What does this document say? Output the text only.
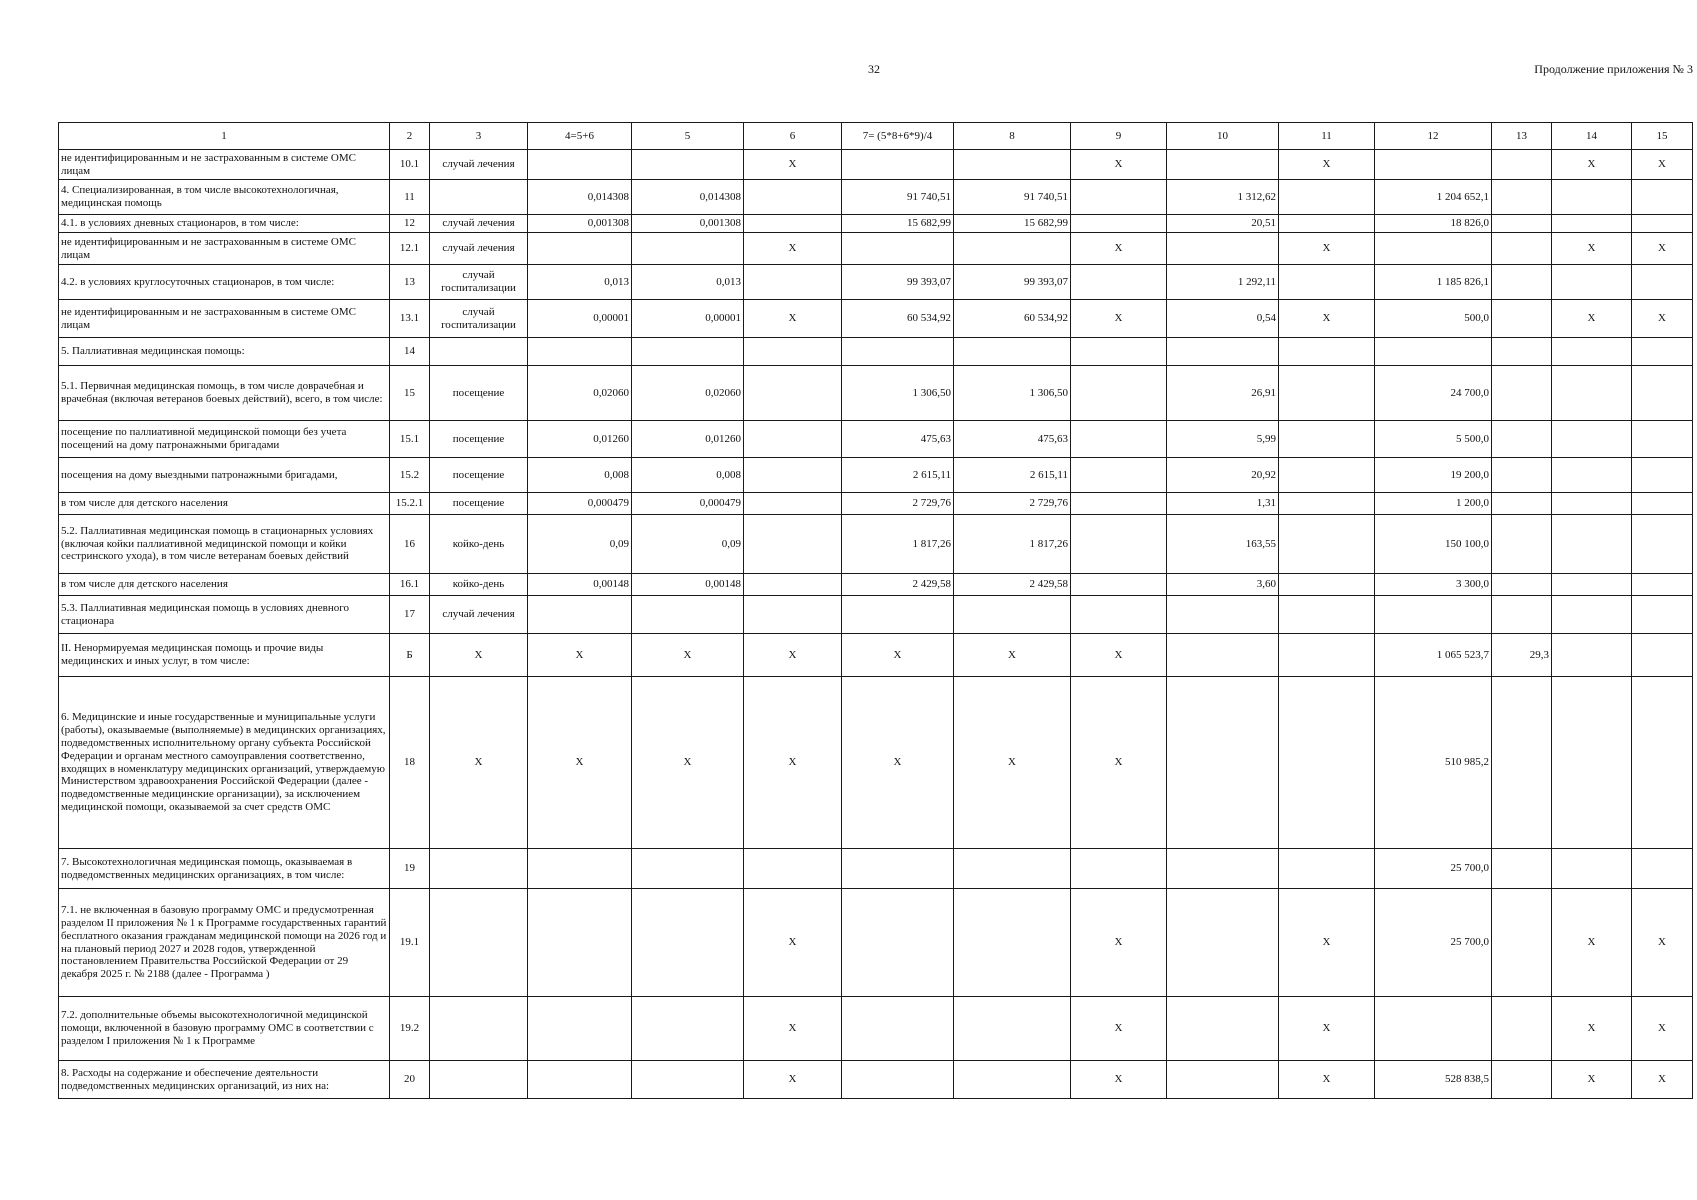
32	Продолжение приложения № 3
1	2	3	4=5+6	5	6	7= (5*8+6*9)/4	8	9	10	11	12	13	14	15
не идентифицированным и не застрахованным в системе ОМС лицам	10.1	случай лечения			X			X		X			X	X
4. Специализированная, в том числе высокотехнологичная, медицинская помощь	11		0,014308	0,014308		91 740,51	91 740,51		1 312,62		1 204 652,1			
4.1. в условиях дневных стационаров, в том числе:	12	случай лечения	0,001308	0,001308		15 682,99	15 682,99		20,51		18 826,0			
не идентифицированным и не застрахованным в системе ОМС лицам	12.1	случай лечения			X			X		X			X	X
4.2. в условиях круглосуточных стационаров, в том числе:	13	случай госпитализации	0,013	0,013		99 393,07	99 393,07		1 292,11		1 185 826,1			
не идентифицированным и не застрахованным в системе ОМС лицам	13.1	случай госпитализации	0,00001	0,00001	X	60 534,92	60 534,92	X	0,54	X	500,0		X	X
5. Паллиативная медицинская помощь:	14													
5.1. Первичная медицинская помощь, в том числе доврачебная и врачебная (включая ветеранов боевых действий), всего, в том числе:	15	посещение	0,02060	0,02060		1 306,50	1 306,50		26,91		24 700,0			
посещение по паллиативной медицинской помощи без учета посещений на дому патронажными бригадами	15.1	посещение	0,01260	0,01260		475,63	475,63		5,99		5 500,0			
посещения на дому выездными патронажными бригадами,	15.2	посещение	0,008	0,008		2 615,11	2 615,11		20,92		19 200,0			
в том числе для детского населения	15.2.1	посещение	0,000479	0,000479		2 729,76	2 729,76		1,31		1 200,0			
5.2. Паллиативная медицинская помощь в стационарных условиях (включая койки паллиативной медицинской помощи и койки сестринского ухода), в том числе ветеранам боевых действий	16	койко-день	0,09	0,09		1 817,26	1 817,26		163,55		150 100,0			
в том числе для детского населения	16.1	койко-день	0,00148	0,00148		2 429,58	2 429,58		3,60		3 300,0			
5.3. Паллиативная медицинская помощь в условиях дневного стационара	17	случай лечения												
II. Ненормируемая медицинская помощь и прочие виды медицинских и иных услуг, в том числе:	Б	X	X	X	X	X	X	X			1 065 523,7	29,3		
6. Медицинские и иные государственные и муниципальные услуги (работы), оказываемые (выполняемые) в медицинских организациях, подведомственных исполнительному органу субъекта Российской Федерации и органам местного самоуправления соответственно, входящих в номенклатуру медицинских организаций, утверждаемую Министерством здравоохранения Российской Федерации (далее - подведомственные медицинские организации), за исключением медицинской помощи, оказываемой за счет средств ОМС	18	X	X	X	X	X	X	X			510 985,2			
7. Высокотехнологичная медицинская помощь, оказываемая в подведомственных медицинских организациях, в том числе:	19										25 700,0			
7.1. не включенная в базовую программу ОМС и предусмотренная разделом II приложения № 1 к Программе государственных гарантий бесплатного оказания гражданам медицинской помощи на 2026 год и на плановый период 2027 и 2028 годов, утвержденной постановлением Правительства Российской Федерации от 29 декабря 2025 г. № 2188 (далее - Программа )	19.1				X			X		X	25 700,0		X	X
7.2. дополнительные объемы высокотехнологичной медицинской помощи, включенной в базовую программу ОМС в соответствии с разделом I приложения № 1 к Программе	19.2				X			X		X			X	X
8. Расходы на содержание и обеспечение деятельности подведомственных медицинских организаций, из них на:	20				X			X		X	528 838,5		X	X
